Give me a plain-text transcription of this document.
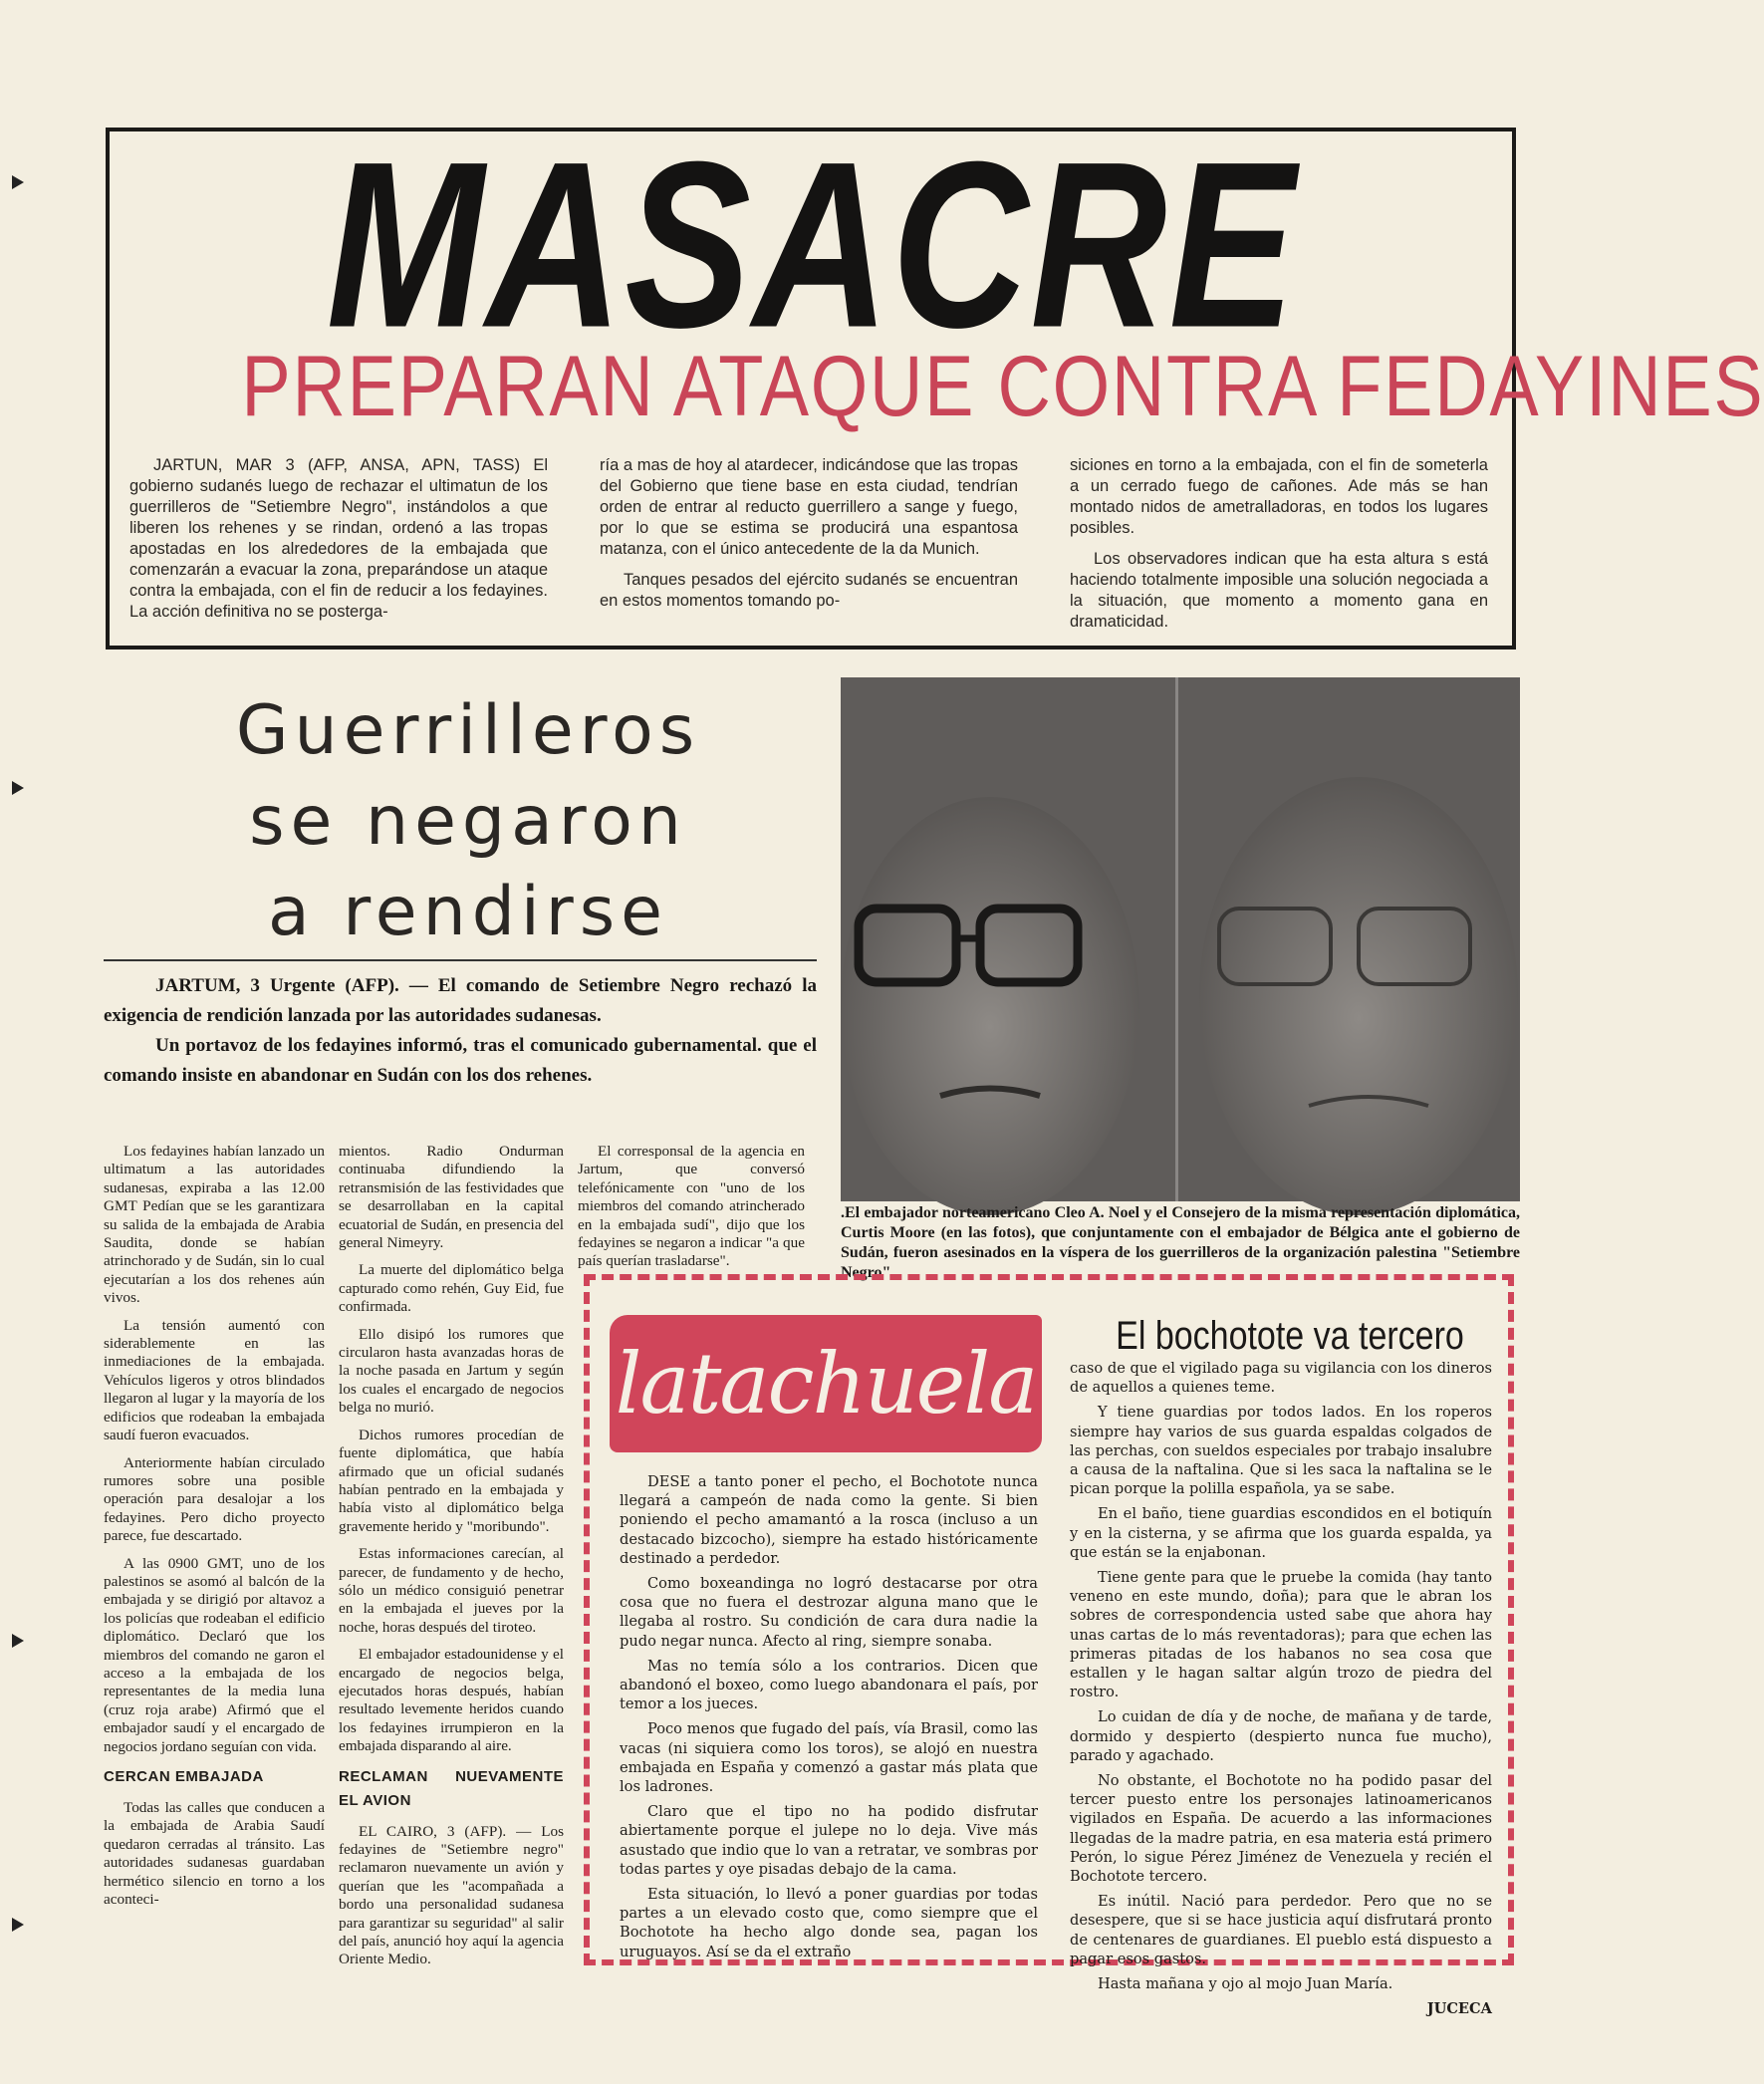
MASACRE
PREPARAN ATAQUE CONTRA FEDAYINES

JARTUN, MAR 3 (AFP, ANSA, APN, TASS) El gobierno sudanés luego de rechazar el ultimatun de los guerrilleros de "Setiembre Negro", instándolos a que liberen los rehenes y se rindan, ordenó a las tropas apostadas en los alrededores de la embajada que comenzarán a evacuar la zona, preparándose un ataque contra la embajada, con el fin de reducir a los fedayines. La acción definitiva no se posterga-

ría a mas de hoy al atardecer, indicándose que las tropas del Gobierno que tiene base en esta ciudad, tendrían orden de entrar al reducto guerrillero a sange y fuego, por lo que se estima se producirá una espantosa matanza, con el único antecedente de la da Munich.

Tanques pesados del ejército sudanés se encuentran en estos momentos tomando po-

siciones en torno a la embajada, con el fin de someterla a un cerrado fuego de cañones. Ade más se han montado nidos de ametralladoras, en todos los lugares posibles.

Los observadores indican que ha esta altura s está haciendo totalmente imposible una solución negociada a la situación, que momento a momento gana en dramaticidad.

Guerrilleros
se negaron
a rendirse

JARTUM, 3 Urgente (AFP). — El comando de Setiembre Negro rechazó la exigencia de rendición lanzada por las autoridades sudanesas.

Un portavoz de los fedayines informó, tras el comunicado gubernamental. que el comando insiste en abandonar en Sudán con los dos rehenes.

.El embajador norteamericano Cleo A. Noel y el Consejero de la misma representación diplomática, Curtis Moore (en las fotos), que conjuntamente con el embajador de Bélgica ante el gobierno de Sudán, fueron asesinados en la víspera de los guerrilleros de la organización palestina "Setiembre Negro".

Los fedayines habían lanzado un ultimatum a las autoridades sudanesas, expiraba a las 12.00 GMT Pedían que se les garantizara su salida de la embajada de Arabia Saudita, donde se habían atrinchorado y de Sudán, sin lo cual ejecutarían a los dos rehenes aún vivos.

La tensión aumentó con siderablemente en las inmediaciones de la embajada. Vehículos ligeros y otros blindados llegaron al lugar y la mayoría de los edificios que rodeaban la embajada saudí fueron evacuados.

Anteriormente habían circulado rumores sobre una posible operación para desalojar a los fedayines. Pero dicho proyecto parece, fue descartado.

A las 0900 GMT, uno de los palestinos se asomó al balcón de la embajada y se dirigió por altavoz a los policías que rodeaban el edificio diplomático. Declaró que los miembros del comando ne garon el acceso a la embajada de los representantes de la media luna (cruz roja arabe) Afirmó que el embajador saudí y el encargado de negocios jordano seguían con vida.

CERCAN EMBAJADA

Todas las calles que conducen a la embajada de Arabia Saudí quedaron cerradas al tránsito. Las autoridades sudanesas guardaban hermético silencio en torno a los aconteci-

mientos. Radio Ondurman continuaba difundiendo la retransmisión de las festividades que se desarrollaban en la capital ecuatorial de Sudán, en presencia del general Nimeyry.

La muerte del diplomático belga capturado como rehén, Guy Eid, fue confirmada.

Ello disipó los rumores que circularon hasta avanzadas horas de la noche pasada en Jartum y según los cuales el encargado de negocios belga no murió.

Dichos rumores procedían de fuente diplomática, que había afirmado que un oficial sudanés habían pentrado en la embajada y había visto al diplomático belga gravemente herido y "moribundo".

Estas informaciones carecían, al parecer, de fundamento y de hecho, sólo un médico consiguió penetrar en la embajada el jueves por la noche, horas después del tiroteo.

El embajador estadounidense y el encargado de negocios belga, ejecutados horas después, habían resultado levemente heridos cuando los fedayines irrumpieron en la embajada disparando al aire.

RECLAMAN NUEVAMENTE EL AVION

EL CAIRO, 3 (AFP). — Los fedayines de "Setiembre negro" reclamaron nuevamente un avión y querían que les "acompañada a bordo una personalidad sudanesa para garantizar su seguridad" al salir del país, anunció hoy aquí la agencia Oriente Medio.

El corresponsal de la agencia en Jartum, que conversó telefónicamente con "uno de los miembros del comando atrincherado en la embajada sudí", dijo que los fedayines se negaron a indicar "a que país querían trasladarse".

latachuela El bochotote va tercero

DESE a tanto poner el pecho, el Bochotote nunca llegará a campeón de nada como la gente. Si bien poniendo el pecho amamantó a la rosca (incluso a un destacado bizcocho), siempre ha estado históricamente destinado a perdedor.

Como boxeandinga no logró destacarse por otra cosa que no fuera el destrozar alguna mano que le llegaba al rostro. Su condición de cara dura nadie la pudo negar nunca. Afecto al ring, siempre sonaba.

Mas no temía sólo a los contrarios. Dicen que abandonó el boxeo, como luego abandonara el país, por temor a los jueces.

Poco menos que fugado del país, vía Brasil, como las vacas (ni siquiera como los toros), se alojó en nuestra embajada en España y comenzó a gastar más plata que los ladrones.

Claro que el tipo no ha podido disfrutar abiertamente porque el julepe no lo deja. Vive más asustado que indio que lo van a retratar, ve sombras por todas partes y oye pisadas debajo de la cama.

Esta situación, lo llevó a poner guardias por todas partes a un elevado costo que, como siempre que el Bochotote ha hecho algo donde sea, pagan los uruguayos. Así se da el extraño

caso de que el vigilado paga su vigilancia con los dineros de aquellos a quienes teme.

Y tiene guardias por todos lados. En los roperos siempre hay varios de sus guarda espaldas colgados de las perchas, con sueldos especiales por trabajo insalubre a causa de la naftalina. Que si les saca la naftalina se le pican porque la polilla española, ya se sabe.

En el baño, tiene guardias escondidos en el botiquín y en la cisterna, y se afirma que los guarda espalda, ya que están se la enjabonan.

Tiene gente para que le pruebe la comida (hay tanto veneno en este mundo, doña); para que le abran los sobres de correspondencia usted sabe que ahora hay unas cartas de lo más reventadoras); para que echen las primeras pitadas de los habanos no sea cosa que estallen y le hagan saltar algún trozo de piedra del rostro.

Lo cuidan de día y de noche, de mañana y de tarde, dormido y despierto (despierto nunca fue mucho), parado y agachado.

No obstante, el Bochotote no ha podido pasar del tercer puesto entre los personajes latinoamericanos vigilados en España. De acuerdo a las informaciones llegadas de la madre patria, en esa materia está primero Perón, lo sigue Pérez Jiménez de Venezuela y recién el Bochotote tercero.

Es inútil. Nació para perdedor. Pero que no se desespere, que si se hace justicia aquí disfrutará pronto de centenares de guardianes. El pueblo está dispuesto a pagar esos gastos.

Hasta mañana y ojo al mojo Juan María.

JUCECA
